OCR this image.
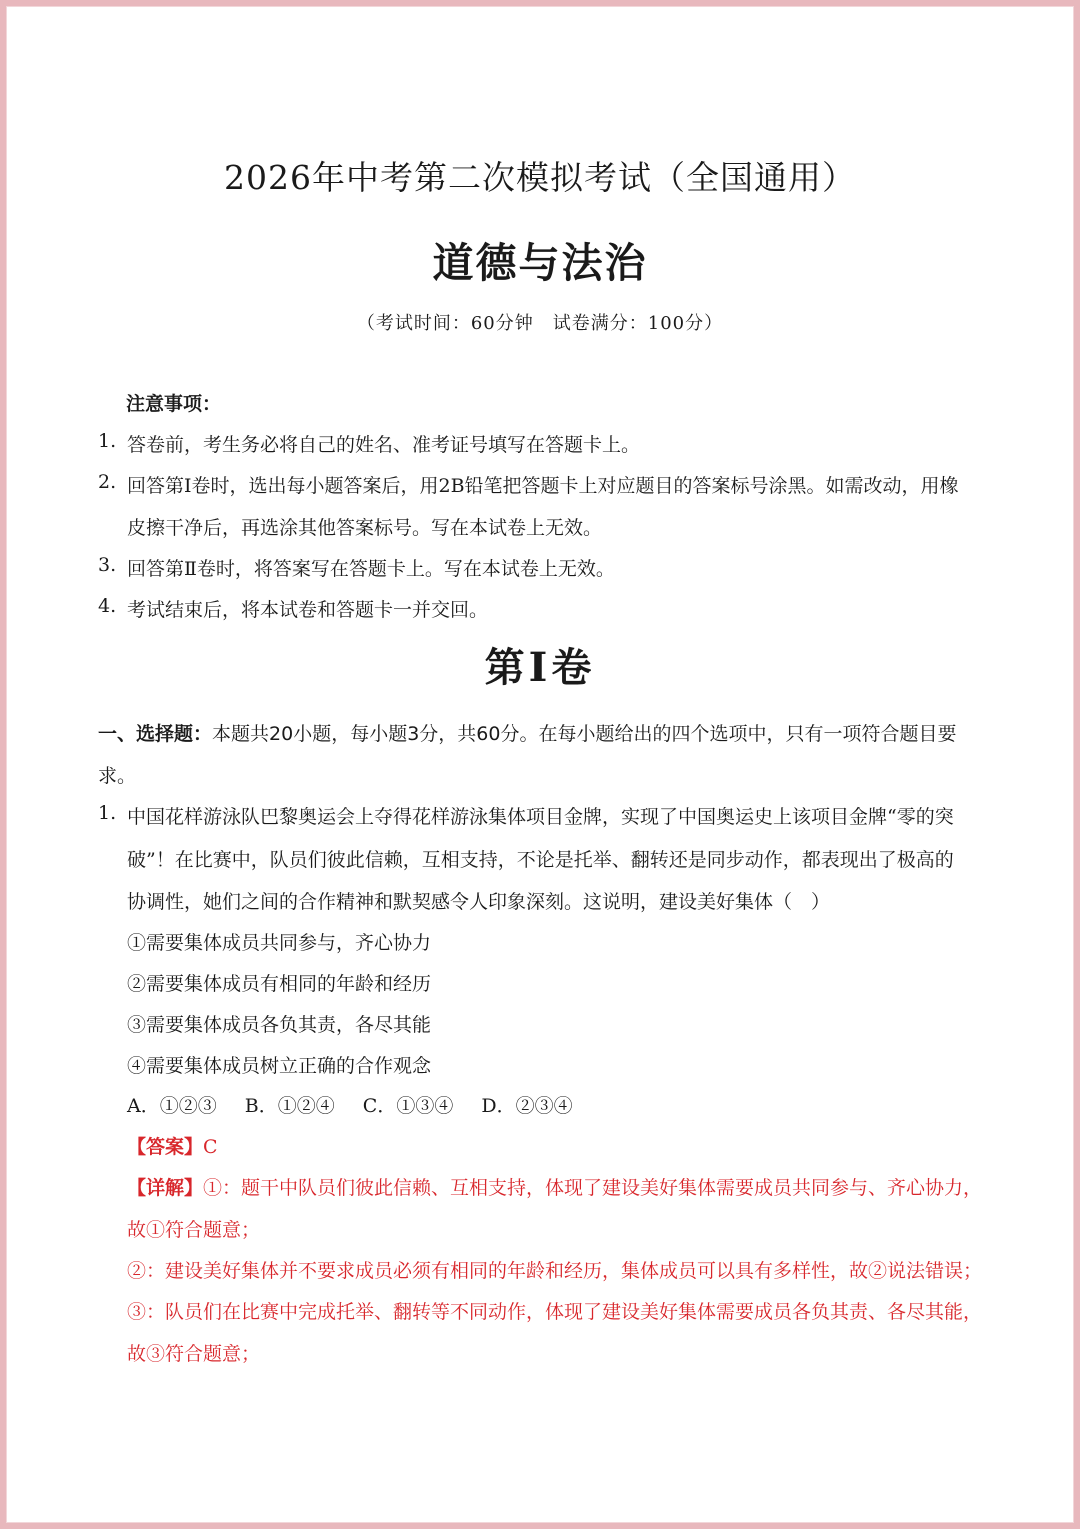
2026年中考第二次模拟考试（全国通用）
道德与法治
（考试时间：60分钟　试卷满分：100分）
注意事项：
1. 答卷前，考生务必将自己的姓名、准考证号填写在答题卡上。
2. 回答第Ⅰ卷时，选出每小题答案后，用2B铅笔把答题卡上对应题目的答案标号涂黑。如需改动，用橡
皮擦干净后，再选涂其他答案标号。写在本试卷上无效。
3. 回答第Ⅱ卷时，将答案写在答题卡上。写在本试卷上无效。
4. 考试结束后，将本试卷和答题卡一并交回。
第Ⅰ卷
一、选择题：本题共20小题，每小题3分，共60分。在每小题给出的四个选项中，只有一项符合题目要
求。
1. 中国花样游泳队巴黎奥运会上夺得花样游泳集体项目金牌，实现了中国奥运史上该项目金牌“零的突
破”！在比赛中，队员们彼此信赖，互相支持，不论是托举、翻转还是同步动作，都表现出了极高的
协调性，她们之间的合作精神和默契感令人印象深刻。这说明，建设美好集体（　）
①需要集体成员共同参与，齐心协力
②需要集体成员有相同的年龄和经历
③需要集体成员各负其责，各尽其能
④需要集体成员树立正确的合作观念
A．①②③ B．①②④ C．①③④ D．②③④
【答案】C
【详解】①：题干中队员们彼此信赖、互相支持，体现了建设美好集体需要成员共同参与、齐心协力，
故①符合题意；
②：建设美好集体并不要求成员必须有相同的年龄和经历，集体成员可以具有多样性，故②说法错误；
③：队员们在比赛中完成托举、翻转等不同动作，体现了建设美好集体需要成员各负其责、各尽其能，
故③符合题意；
